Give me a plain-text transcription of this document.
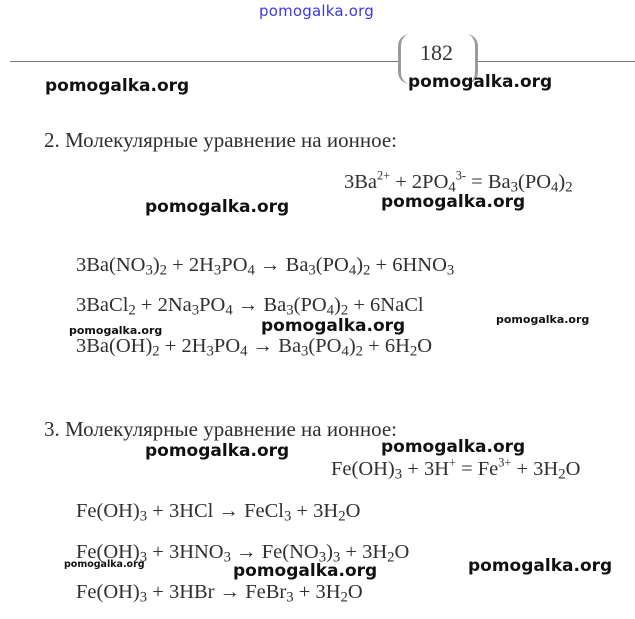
pomogalka.org
182
pomogalka.org	pomogalka.org
pomogalka.org	pomogalka.org
pomogalka.org	pomogalka.org	pomogalka.org
pomogalka.org
pomogalka.org
pomogalka.org	pomogalka.org	pomogalka.org
2. Молекулярные уравнение на ионное:
$3Ba^{2+} + 2PO_4^{3-} = Ba_3(PO_4)_2$
$3Ba(NO_3)_2 + 2H_3PO_4 \to Ba_3(PO_4)_2 + 6HNO_3$
3BaCl$_2$ + $2Na_3PO_4 \to Ba_3(PO_4)_2$ + 6NaCl
$3Ba(OH)_2 + 2H_3PO_4 \to Ba_3(PO_4)_2 + 6H_2O$
3. Молекулярные уравнение на ионное:
$Fe(OH)_3 + 3H^+ = Fe^{3+} + 3H_2O$
$Fe(OH)_3 + 3HCl$ → FeCl$_3$ + $3H_2O$
$Fe(OH)_3 + 3HNO_3 \to Fe(NO_3)_3 + 3H_2O$
$Fe(OH)_3 + 3HBr$ → FeBr$_3$ + $3H_2O$
